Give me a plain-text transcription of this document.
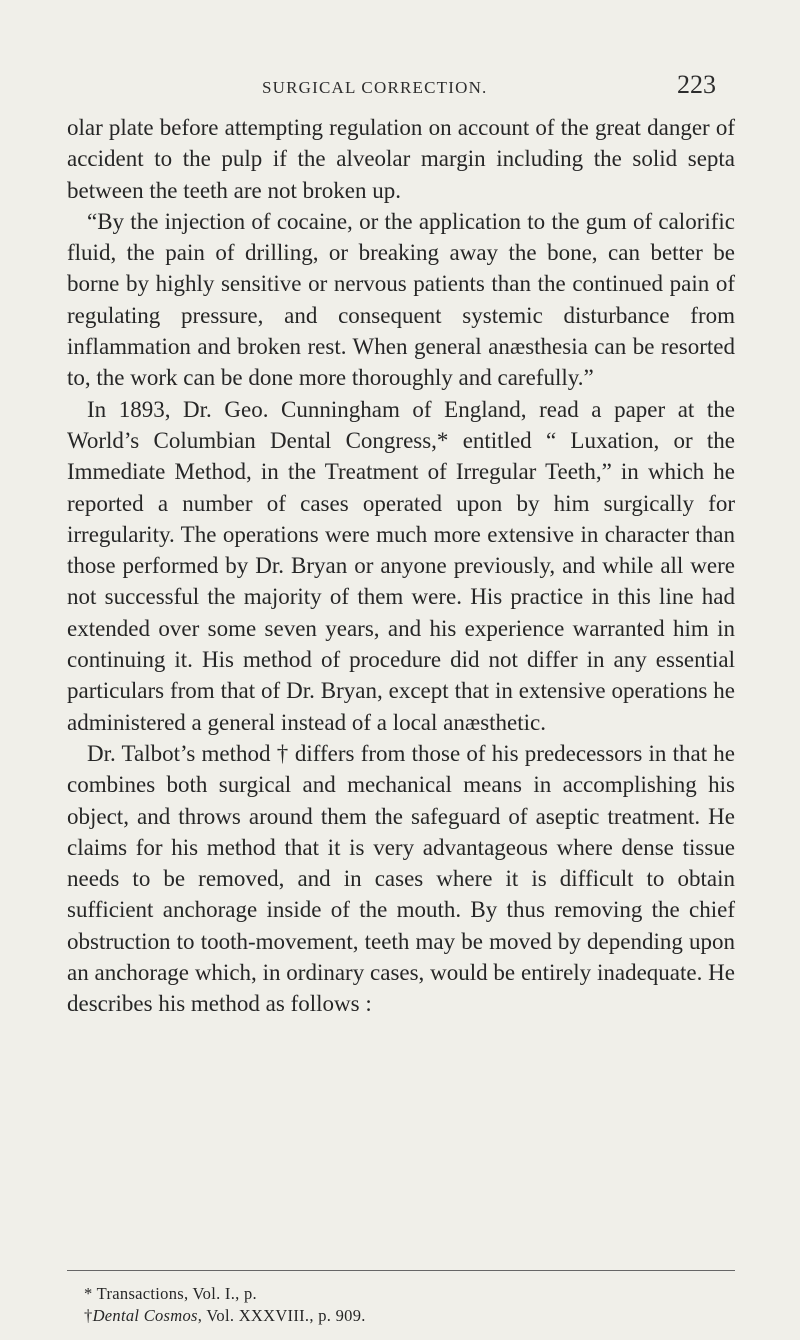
SURGICAL CORRECTION.	223

olar plate before attempting regulation on account of the great danger of accident to the pulp if the alveolar margin including the solid septa between the teeth are not broken up.

“By the injection of cocaine, or the application to the gum of calorific fluid, the pain of drilling, or breaking away the bone, can better be borne by highly sensitive or nervous patients than the continued pain of regulating pressure, and consequent systemic disturbance from inflammation and broken rest. When general anæsthesia can be resorted to, the work can be done more thoroughly and carefully.”

In 1893, Dr. Geo. Cunningham of England, read a paper at the World’s Columbian Dental Congress,* entitled “ Luxation, or the Immediate Method, in the Treatment of Irregular Teeth,” in which he reported a number of cases operated upon by him surgically for irregularity. The operations were much more extensive in character than those performed by Dr. Bryan or anyone previously, and while all were not successful the majority of them were. His practice in this line had extended over some seven years, and his experience warranted him in continuing it. His method of procedure did not differ in any essential particulars from that of Dr. Bryan, except that in extensive operations he administered a general instead of a local anæsthetic.

Dr. Talbot’s method † differs from those of his predecessors in that he combines both surgical and mechanical means in accomplishing his object, and throws around them the safeguard of aseptic treatment. He claims for his method that it is very advantageous where dense tissue needs to be removed, and in cases where it is difficult to obtain sufficient anchorage inside of the mouth. By thus removing the chief obstruction to tooth-movement, teeth may be moved by depending upon an anchorage which, in ordinary cases, would be entirely inadequate. He describes his method as follows :

* Transactions, Vol. I., p.
†Dental Cosmos, Vol. XXXVIII., p. 909.
